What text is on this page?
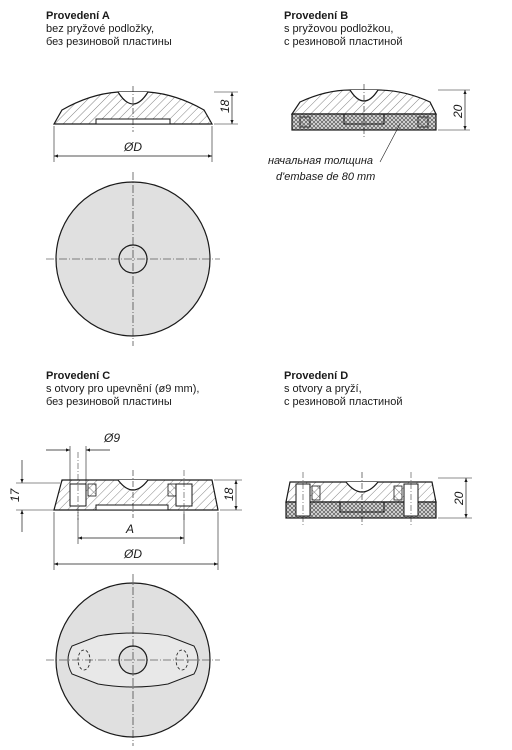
Provedení A
bez pryžové podložky,
без резиновой пластины
Provedení B
s pryžovou podložkou,
с резиновой пластиной
Provedení C
s otvory pro upevnění (ø9 mm),
без резиновой пластины
Provedení D
s otvory a pryží,
с резиновой пластиной
18
ØD
20
начальная толщина
d'embase de 80 mm
Ø9
17	18
A
ØD
20
